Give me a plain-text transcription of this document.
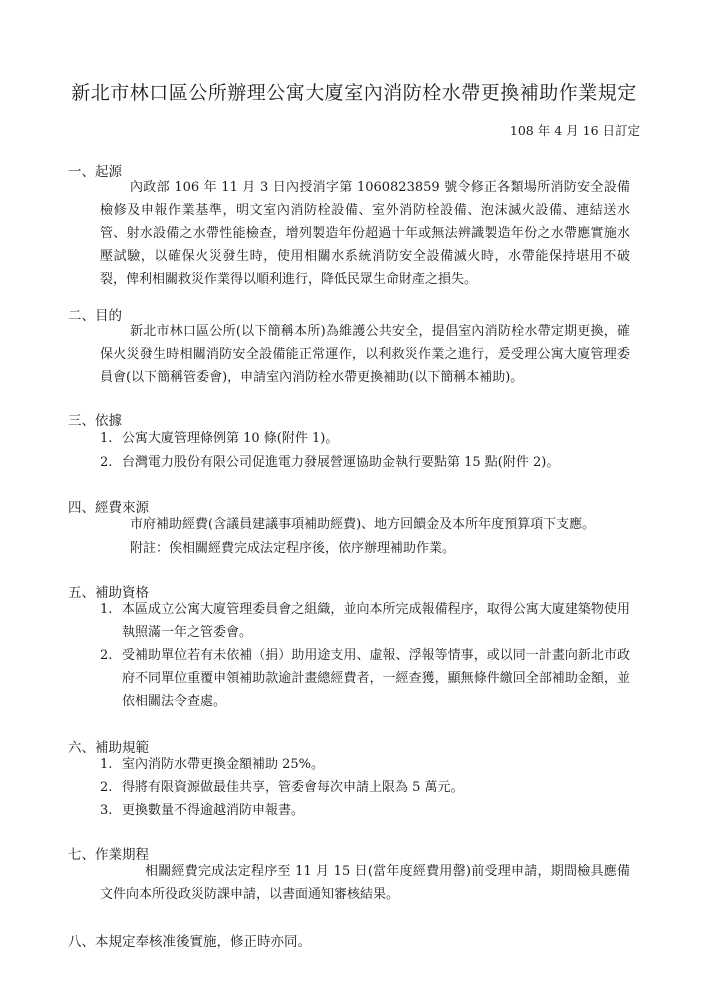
新北市林口區公所辦理公寓大廈室內消防栓水帶更換補助作業規定
108 年 4 月 16 日訂定
一、起源
內政部 106 年 11 月 3 日內授消字第 1060823859 號令修正各類場所消防安全設備檢修及申報作業基準，明文室內消防栓設備、室外消防栓設備、泡沫滅火設備、連結送水管、射水設備之水帶性能檢查，增列製造年份超過十年或無法辨識製造年份之水帶應實施水壓試驗，以確保火災發生時，使用相關水系統消防安全設備滅火時，水帶能保持堪用不破裂，俾利相關救災作業得以順利進行，降低民眾生命財產之損失。
二、目的
新北市林口區公所(以下簡稱本所)為維護公共安全，提倡室內消防栓水帶定期更換，確保火災發生時相關消防安全設備能正常運作，以利救災作業之進行，爰受理公寓大廈管理委員會(以下簡稱管委會)，申請室內消防栓水帶更換補助(以下簡稱本補助)。
三、依據
1. 公寓大廈管理條例第 10 條(附件 1)。
2. 台灣電力股份有限公司促進電力發展營運協助金執行要點第 15 點(附件 2)。
四、經費來源
市府補助經費(含議員建議事項補助經費)、地方回饋金及本所年度預算項下支應。
附註：俟相關經費完成法定程序後，依序辦理補助作業。
五、補助資格
1. 本區成立公寓大廈管理委員會之組織，並向本所完成報備程序，取得公寓大廈建築物使用執照滿一年之管委會。
2. 受補助單位若有未依補（捐）助用途支用、虛報、浮報等情事，或以同一計畫向新北市政府不同單位重覆申領補助款逾計畫總經費者，一經查獲，顯無條件繳回全部補助金額，並依相關法令查處。
六、補助規範
1. 室內消防水帶更換金額補助 25%。
2. 得將有限資源做最佳共享，管委會每次申請上限為 5 萬元。
3. 更換數量不得逾越消防申報書。
七、作業期程
相關經費完成法定程序至 11 月 15 日(當年度經費用罄)前受理申請，期間檢具應備文件向本所役政災防課申請，以書面通知審核結果。
八、本規定奉核准後實施，修正時亦同。
